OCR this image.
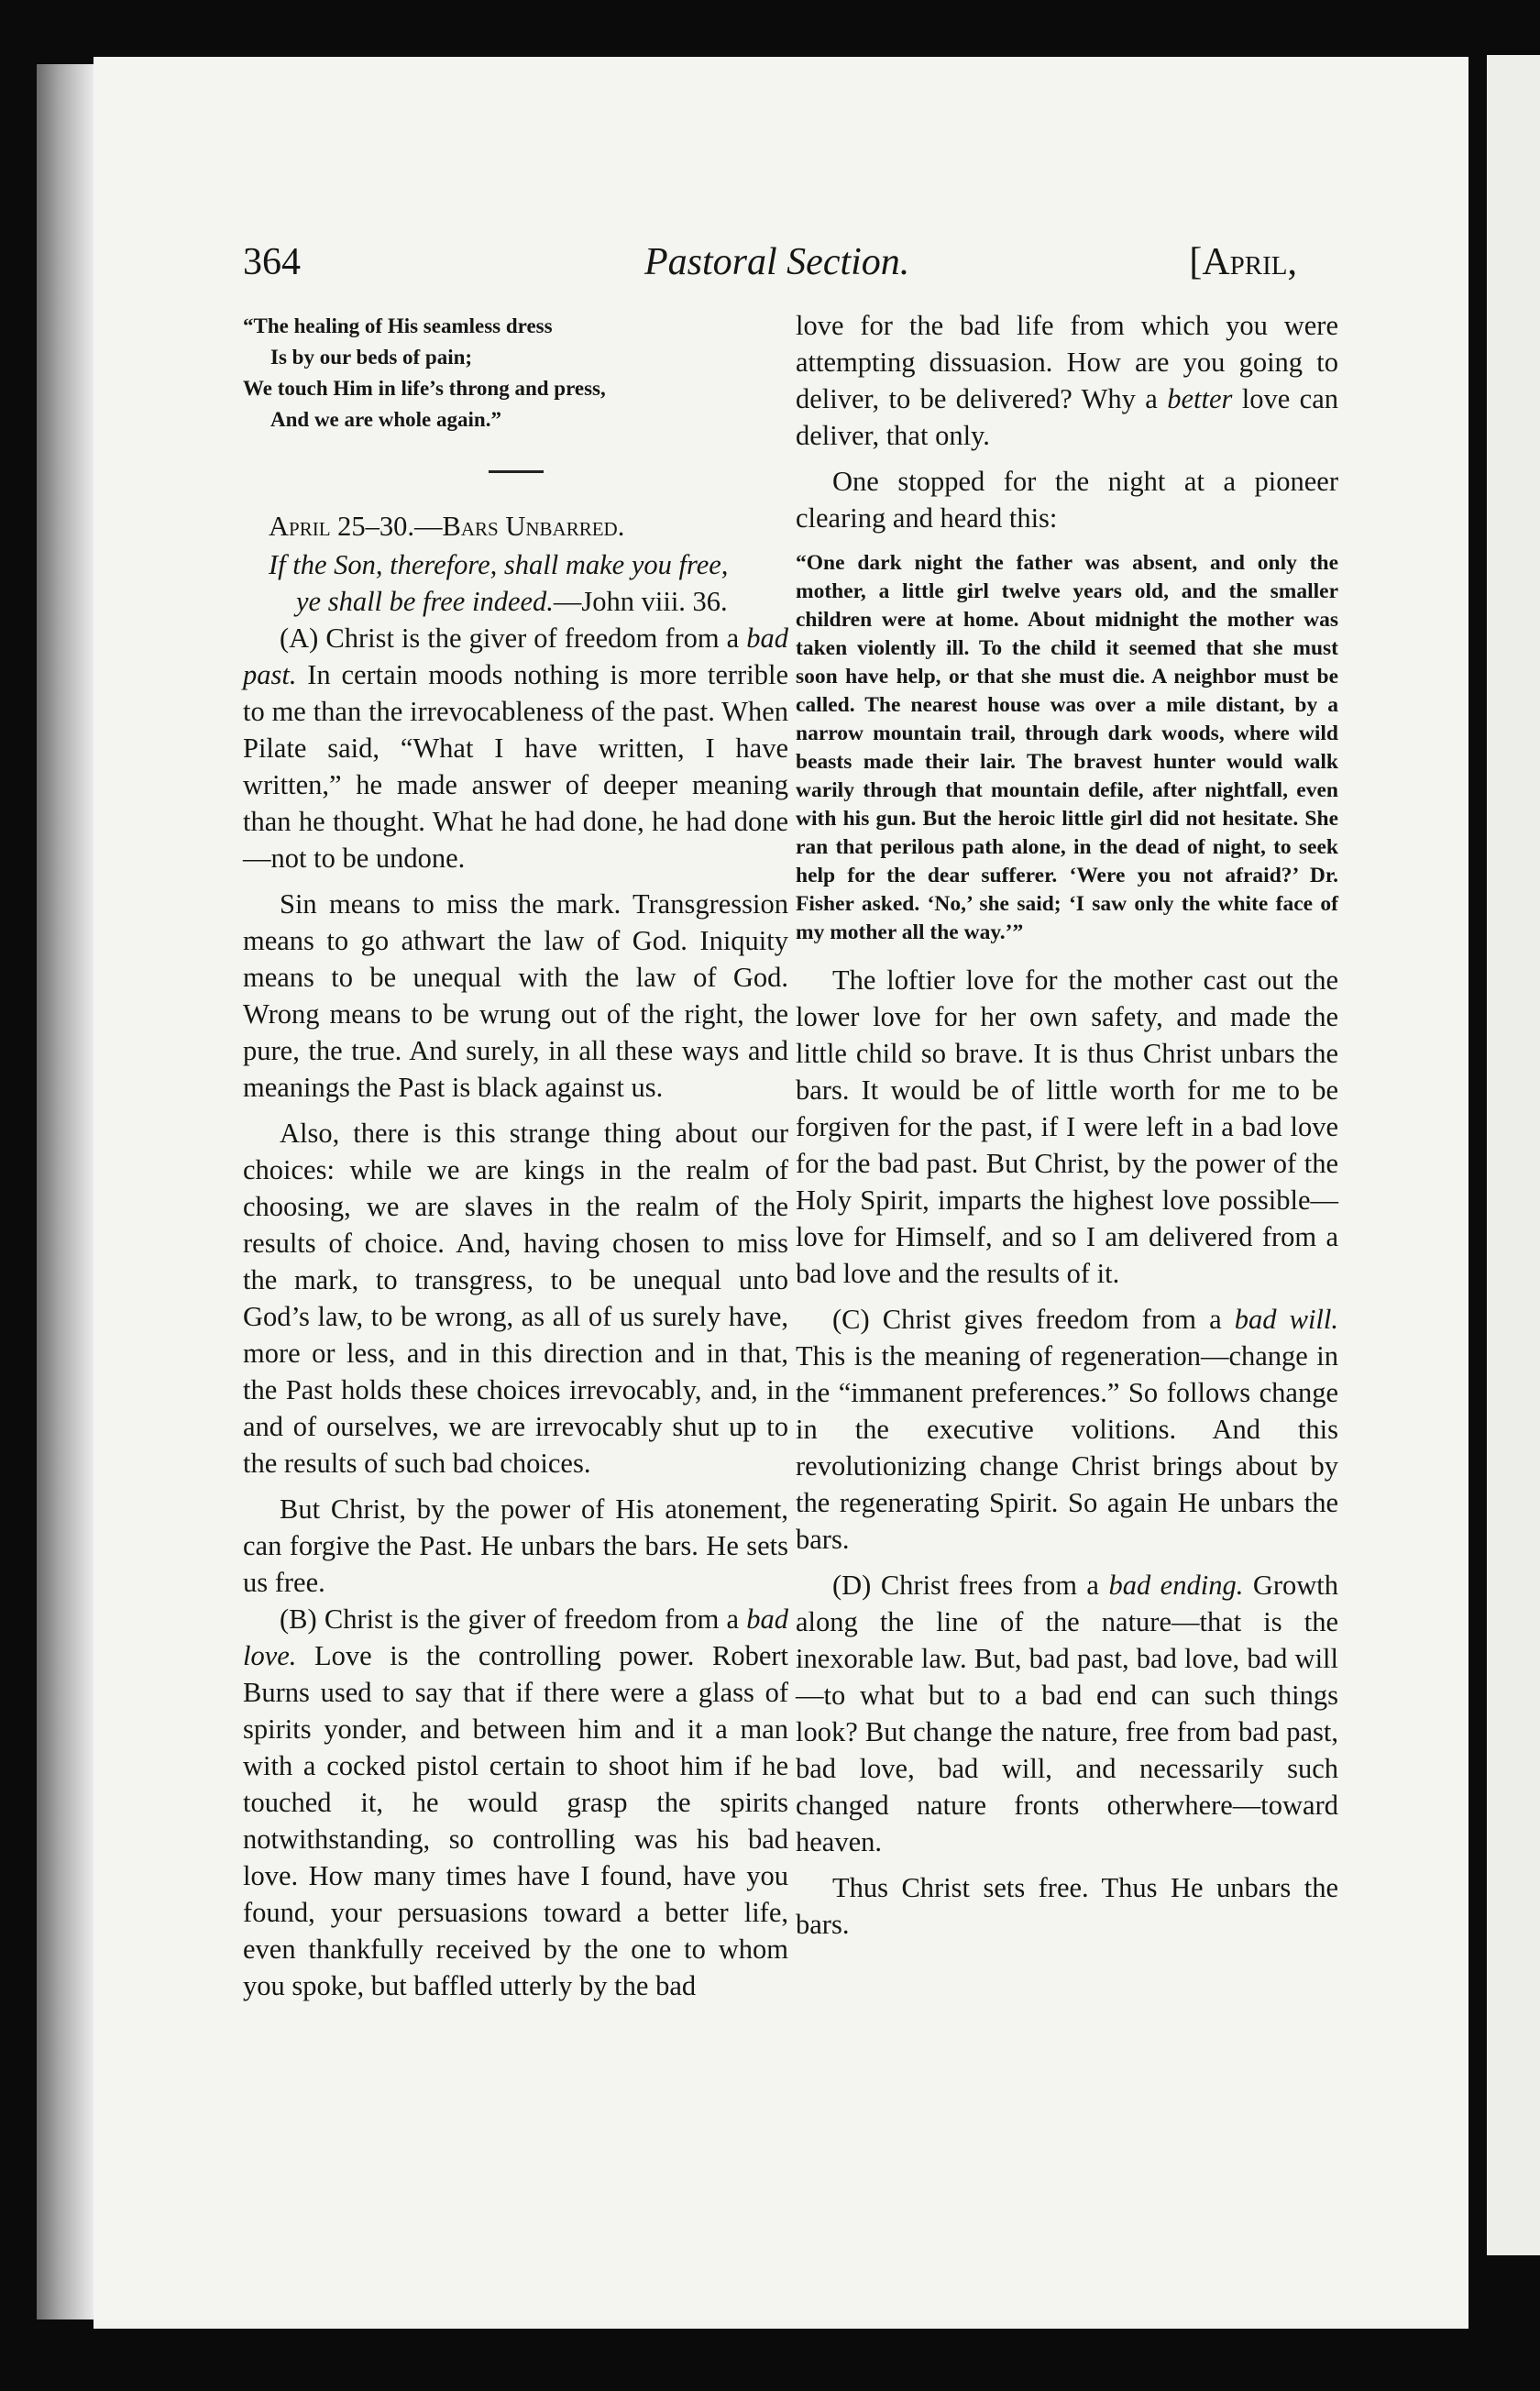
364	Pastoral Section.	[April,
“The healing of His seamless dress
Is by our beds of pain;
We touch Him in life’s throng and press,
And we are whole again.”
April 25–30.—Bars Unbarred.
If the Son, therefore, shall make you free,
ye shall be free indeed.—John viii. 36.

(A) Christ is the giver of freedom from a bad past. In certain moods nothing is more terrible to me than the irrevocableness of the past. When Pilate said, “What I have written, I have written,” he made answer of deeper meaning than he thought. What he had done, he had done—not to be undone.

Sin means to miss the mark. Transgression means to go athwart the law of God. Iniquity means to be unequal with the law of God. Wrong means to be wrung out of the right, the pure, the true. And surely, in all these ways and meanings the Past is black against us.

Also, there is this strange thing about our choices: while we are kings in the realm of choosing, we are slaves in the realm of the results of choice. And, having chosen to miss the mark, to transgress, to be unequal unto God’s law, to be wrong, as all of us surely have, more or less, and in this direction and in that, the Past holds these choices irrevocably, and, in and of ourselves, we are irrevocably shut up to the results of such bad choices.

But Christ, by the power of His atonement, can forgive the Past. He unbars the bars. He sets us free.

(B) Christ is the giver of freedom from a bad love. Love is the controlling power. Robert Burns used to say that if there were a glass of spirits yonder, and between him and it a man with a cocked pistol certain to shoot him if he touched it, he would grasp the spirits notwithstanding, so controlling was his bad love. How many times have I found, have you found, your persuasions toward a better life, even thankfully received by the one to whom you spoke, but baffled utterly by the bad

love for the bad life from which you were attempting dissuasion. How are you going to deliver, to be delivered? Why a better love can deliver, that only.

One stopped for the night at a pioneer clearing and heard this:

“One dark night the father was absent, and only the mother, a little girl twelve years old, and the smaller children were at home. About midnight the mother was taken violently ill. To the child it seemed that she must soon have help, or that she must die. A neighbor must be called. The nearest house was over a mile distant, by a narrow mountain trail, through dark woods, where wild beasts made their lair. The bravest hunter would walk warily through that mountain defile, after nightfall, even with his gun. But the heroic little girl did not hesitate. She ran that perilous path alone, in the dead of night, to seek help for the dear sufferer. ‘Were you not afraid?’ Dr. Fisher asked. ‘No,’ she said; ‘I saw only the white face of my mother all the way.’”

The loftier love for the mother cast out the lower love for her own safety, and made the little child so brave. It is thus Christ unbars the bars. It would be of little worth for me to be forgiven for the past, if I were left in a bad love for the bad past. But Christ, by the power of the Holy Spirit, imparts the highest love possible—love for Himself, and so I am delivered from a bad love and the results of it.

(C) Christ gives freedom from a bad will. This is the meaning of regeneration—change in the “immanent preferences.” So follows change in the executive volitions. And this revolutionizing change Christ brings about by the regenerating Spirit. So again He unbars the bars.

(D) Christ frees from a bad ending. Growth along the line of the nature—that is the inexorable law. But, bad past, bad love, bad will—to what but to a bad end can such things look? But change the nature, free from bad past, bad love, bad will, and necessarily such changed nature fronts otherwhere—toward heaven.

Thus Christ sets free. Thus He unbars the bars.
